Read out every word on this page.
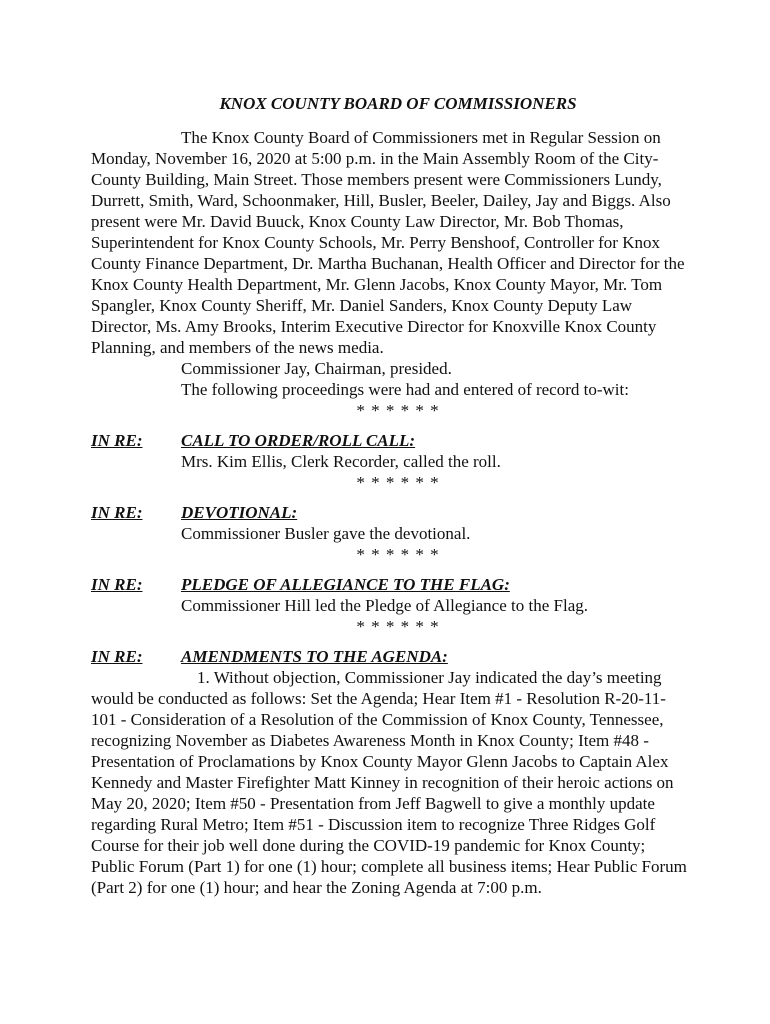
KNOX COUNTY BOARD OF COMMISSIONERS

The Knox County Board of Commissioners met in Regular Session on Monday, November 16, 2020 at 5:00 p.m. in the Main Assembly Room of the City-County Building, Main Street. Those members present were Commissioners Lundy, Durrett, Smith, Ward, Schoonmaker, Hill, Busler, Beeler, Dailey, Jay and Biggs. Also present were Mr. David Buuck, Knox County Law Director, Mr. Bob Thomas, Superintendent for Knox County Schools, Mr. Perry Benshoof, Controller for Knox County Finance Department, Dr. Martha Buchanan, Health Officer and Director for the Knox County Health Department, Mr. Glenn Jacobs, Knox County Mayor, Mr. Tom Spangler, Knox County Sheriff, Mr. Daniel Sanders, Knox County Deputy Law Director, Ms. Amy Brooks, Interim Executive Director for Knoxville Knox County Planning, and members of the news media.

Commissioner Jay, Chairman, presided.

The following proceedings were had and entered of record to-wit:

* * * * * *
IN RE:	CALL TO ORDER/ROLL CALL:
Mrs. Kim Ellis, Clerk Recorder, called the roll.
* * * * * *
IN RE:	DEVOTIONAL:
Commissioner Busler gave the devotional.
* * * * * *
IN RE:	PLEDGE OF ALLEGIANCE TO THE FLAG:
Commissioner Hill led the Pledge of Allegiance to the Flag.
* * * * * *
IN RE:	AMENDMENTS TO THE AGENDA:

1. Without objection, Commissioner Jay indicated the day’s meeting would be conducted as follows: Set the Agenda; Hear Item #1 - Resolution R-20-11-101 - Consideration of a Resolution of the Commission of Knox County, Tennessee, recognizing November as Diabetes Awareness Month in Knox County; Item #48 - Presentation of Proclamations by Knox County Mayor Glenn Jacobs to Captain Alex Kennedy and Master Firefighter Matt Kinney in recognition of their heroic actions on May 20, 2020; Item #50 - Presentation from Jeff Bagwell to give a monthly update regarding Rural Metro; Item #51 - Discussion item to recognize Three Ridges Golf Course for their job well done during the COVID-19 pandemic for Knox County; Public Forum (Part 1) for one (1) hour; complete all business items; Hear Public Forum (Part 2) for one (1) hour; and hear the Zoning Agenda at 7:00 p.m.
